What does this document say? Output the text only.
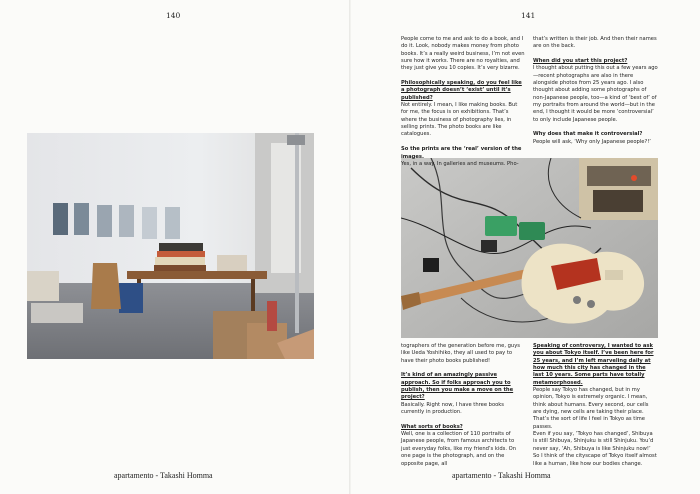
140	141

People come to me and ask to do a book, and I do it. Look, nobody makes money from photo books. It’s a really weird business, I’m not even sure how it works. There are no royalties, and they just give you 10 copies. It’s very bizarre.

Philosophically speaking, do you feel like a photograph doesn’t ‘exist’ until it’s published?

Not entirely. I mean, I like making books. But for me, the focus is on exhibitions. That’s where the business of photography lies, in selling prints. The photo books are like catalogues.

So the prints are the ‘real’ version of the images.

Yes, in a way. In galleries and museums. Pho-

that’s written is their job. And then their names are on the back.

When did you start this project?

I thought about putting this out a few years ago—recent photographs are also in there alongside photos from 25 years ago. I also thought about adding some photographs of non-Japanese people, too—a kind of ‘best of’ of my portraits from around the world—but in the end, I thought it would be more ‘controversial’ to only include Japanese people.

Why does that make it controversial?

People will ask, ‘Why only Japanese people?!’

tographers of the generation before me, guys like Ueda Yoshihiko, they all used to pay to have their photo books published!

It’s kind of an amazingly passive approach. So if folks approach you to publish, then you make a move on the project?

Basically. Right now, I have three books currently in production.

What sorts of books?

Well, one is a collection of 110 portraits of Japanese people, from famous architects to just everyday folks, like my friend’s kids. On one page is the photograph, and on the opposite page, all

Speaking of controversy, I wanted to ask you about Tokyo itself. I’ve been here for 25 years, and I’m left marveling daily at how much this city has changed in the last 10 years. Some parts have totally metamorphosed.

People say Tokyo has changed, but in my opinion, Tokyo is extremely organic. I mean, think about humans. Every second, our cells are dying, new cells are taking their place. That’s the sort of life I feel in Tokyo as time passes.

Even if you say, ‘Tokyo has changed’, Shibuya is still Shibuya, Shinjuku is still Shinjuku. You’d never say, ‘Ah, Shibuya is like Shinjuku now!’ So I think of the cityscape of Tokyo itself almost like a human, like how our bodies change.

apartamento - Takashi Homma	apartamento - Takashi Homma
